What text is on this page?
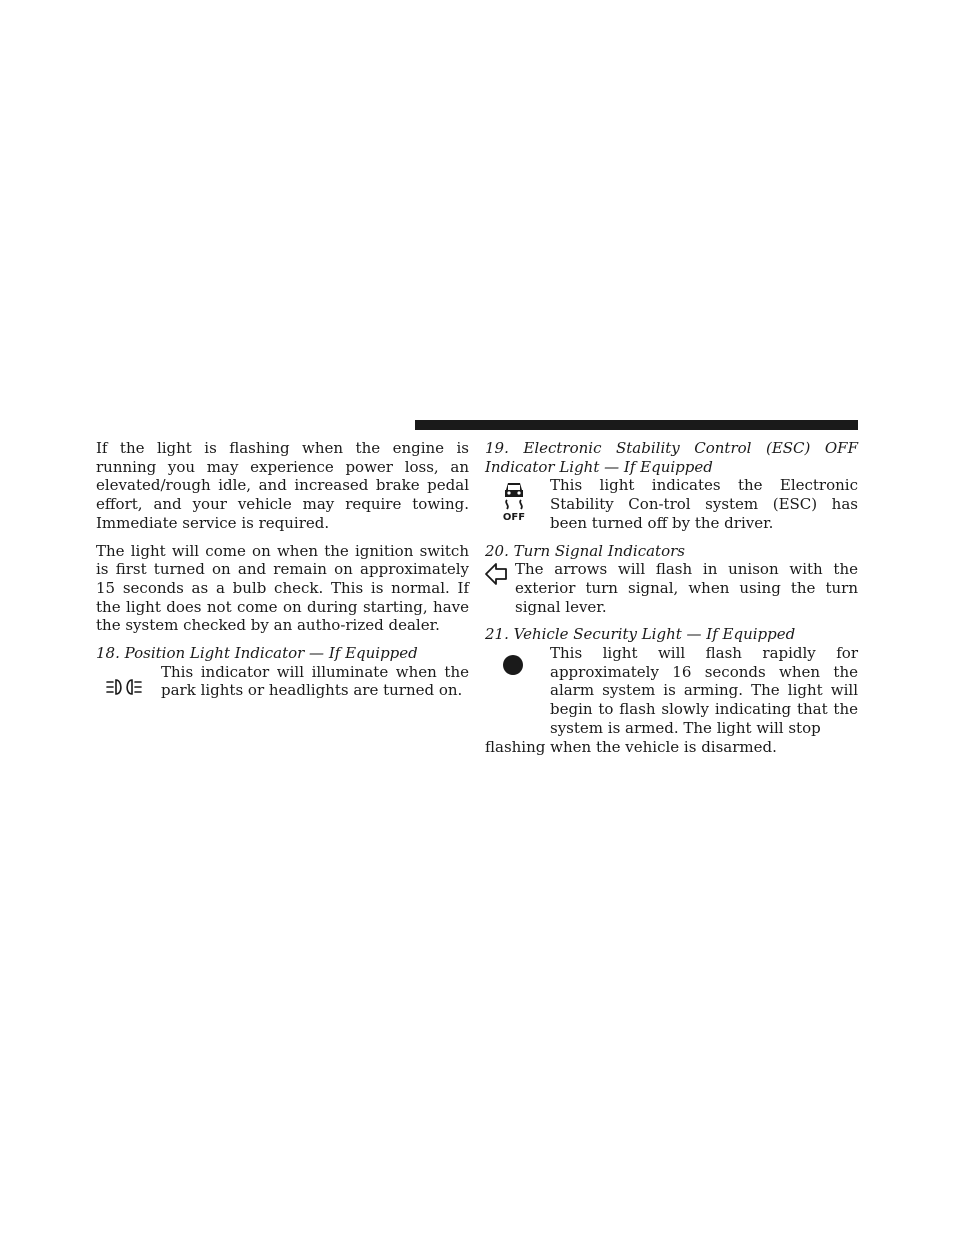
If the light is flashing when the engine is running you may experience power loss, an elevated/rough idle, and increased brake pedal effort, and your vehicle may require towing. Immediate service is required.

The light will come on when the ignition switch is first turned on and remain on approximately 15 seconds as a bulb check. This is normal. If the light does not come on during starting, have the system checked by an autho-rized dealer.

18. Position Light Indicator — If Equipped

This indicator will illuminate when the park lights or headlights are turned on.

19. Electronic Stability Control (ESC) OFF Indicator Light — If Equipped

OFF

This light indicates the Electronic Stability Con-trol system (ESC) has been turned off by the driver.

20. Turn Signal Indicators

The arrows will flash in unison with the exterior turn signal, when using the turn signal lever.

21. Vehicle Security Light — If Equipped

This light will flash rapidly for approximately 16 seconds when the alarm system is arming. The light will begin to flash slowly indicating that the system is armed. The light will stop

flashing when the vehicle is disarmed.
